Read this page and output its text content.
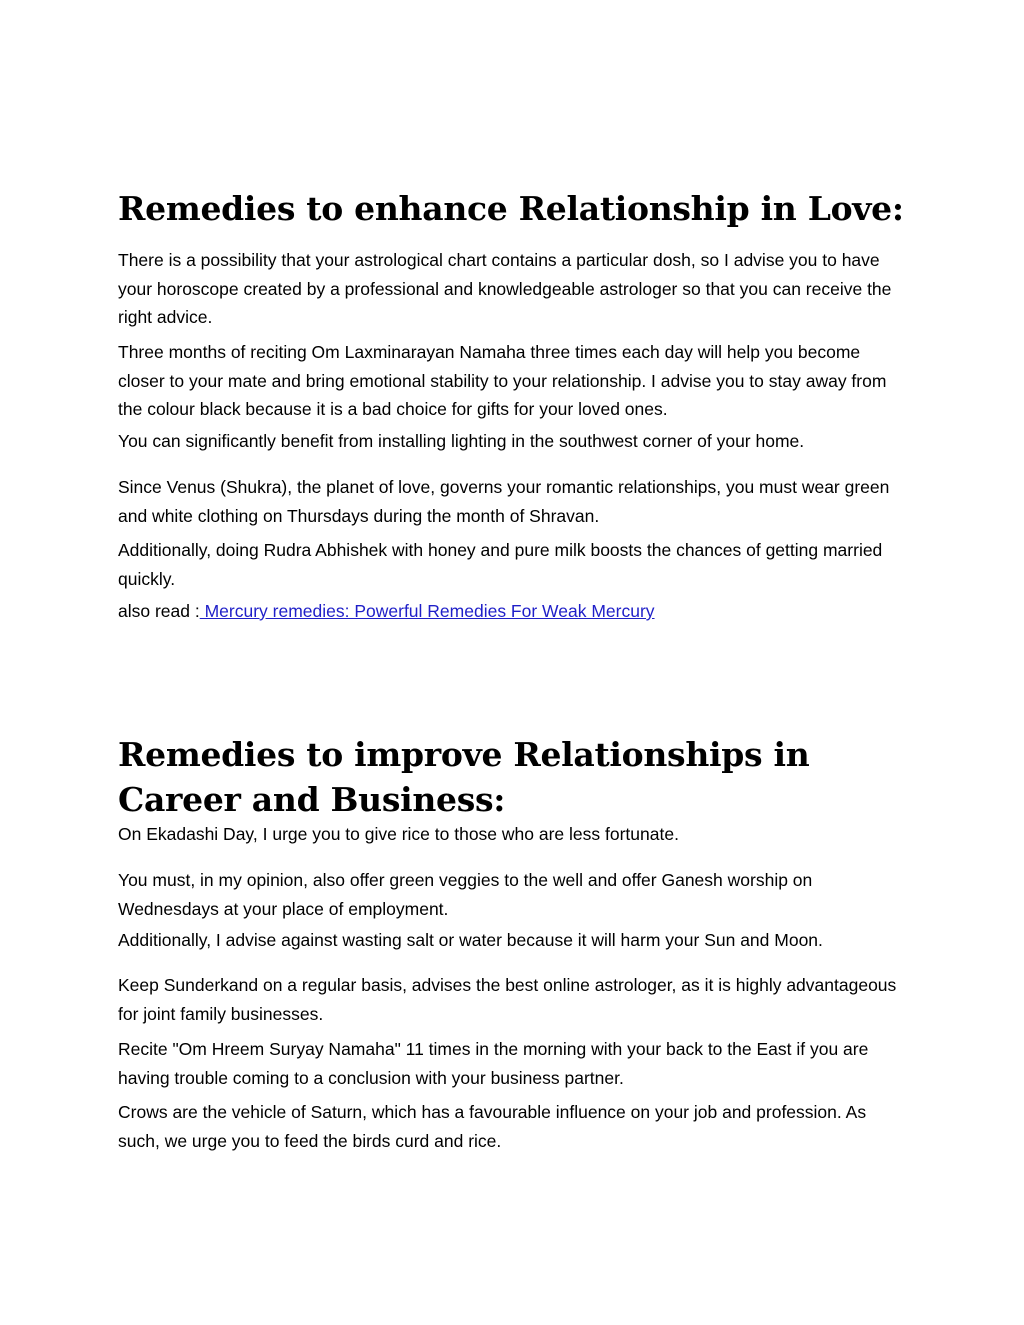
Remedies to enhance Relationship in Love:

There is a possibility that your astrological chart contains a particular dosh, so I advise you to have your horoscope created by a professional and knowledgeable astrologer so that you can receive the right advice.

Three months of reciting Om Laxminarayan Namaha three times each day will help you become closer to your mate and bring emotional stability to your relationship. I advise you to stay away from the colour black because it is a bad choice for gifts for your loved ones.

You can significantly benefit from installing lighting in the southwest corner of your home.

Since Venus (Shukra), the planet of love, governs your romantic relationships, you must wear green and white clothing on Thursdays during the month of Shravan.

Additionally, doing Rudra Abhishek with honey and pure milk boosts the chances of getting married quickly.

also read : Mercury remedies: Powerful Remedies For Weak Mercury

Remedies to improve Relationships in Career and Business:

On Ekadashi Day, I urge you to give rice to those who are less fortunate.

You must, in my opinion, also offer green veggies to the well and offer Ganesh worship on Wednesdays at your place of employment.

Additionally, I advise against wasting salt or water because it will harm your Sun and Moon.

Keep Sunderkand on a regular basis, advises the best online astrologer, as it is highly advantageous for joint family businesses.

Recite "Om Hreem Suryay Namaha" 11 times in the morning with your back to the East if you are having trouble coming to a conclusion with your business partner.

Crows are the vehicle of Saturn, which has a favourable influence on your job and profession. As such, we urge you to feed the birds curd and rice.
